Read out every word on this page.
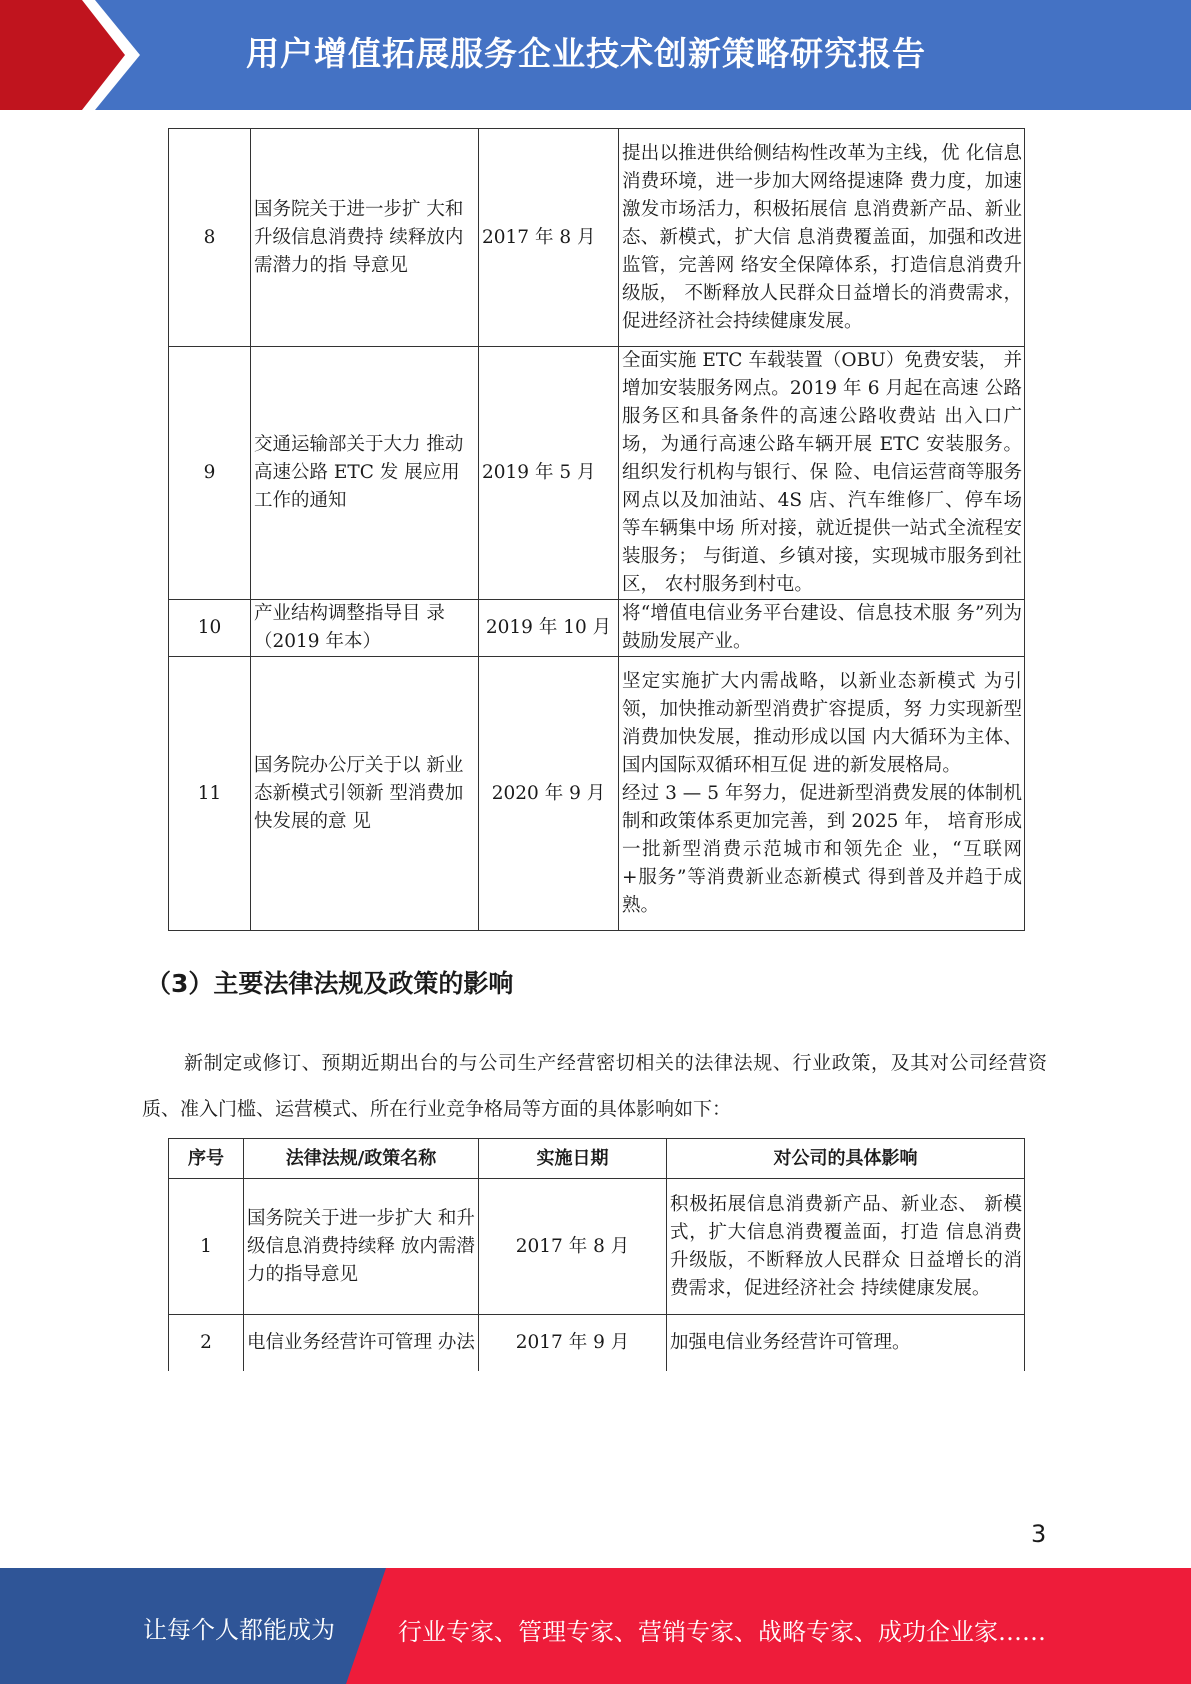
用户增值拓展服务企业技术创新策略研究报告
8	国务院关于进一步扩 大和升级信息消费持 续释放内需潜力的指 导意见	2017 年 8 月	提出以推进供给侧结构性改革为主线，优 化信息消费环境，进一步加大网络提速降 费力度，加速激发市场活力，积极拓展信 息消费新产品、新业态、新模式，扩大信 息消费覆盖面，加强和改进监管，完善网 络安全保障体系，打造信息消费升级版， 不断释放人民群众日益增长的消费需求， 促进经济社会持续健康发展。
9	交通运输部关于大力 推动高速公路 ETC 发 展应用工作的通知	2019 年 5 月	全面实施 ETC 车载装置（OBU）免费安装， 并增加安装服务网点。2019 年 6 月起在高速 公路服务区和具备条件的高速公路收费站 出入口广场，为通行高速公路车辆开展 ETC 安装服务。组织发行机构与银行、保 险、电信运营商等服务网点以及加油站、4S 店、汽车维修厂、停车场等车辆集中场 所对接，就近提供一站式全流程安装服务； 与街道、乡镇对接，实现城市服务到社区， 农村服务到村屯。
10	产业结构调整指导目 录（2019 年本）	2019 年 10 月	将“增值电信业务平台建设、信息技术服 务”列为鼓励发展产业。
11	国务院办公厅关于以 新业态新模式引领新 型消费加快发展的意 见	2020 年 9 月	坚定实施扩大内需战略，以新业态新模式 为引领，加快推动新型消费扩容提质，努 力实现新型消费加快发展，推动形成以国 内大循环为主体、国内国际双循环相互促 进的新发展格局。
经过 3 — 5 年努力，促进新型消费发展的体制机制和政策体系更加完善，到 2025 年， 培育形成一批新型消费示范城市和领先企 业，“互联网+服务”等消费新业态新模式 得到普及并趋于成熟。
（3）主要法律法规及政策的影响
新制定或修订、预期近期出台的与公司生产经营密切相关的法律法规、行业政策，及其对公司经营资质、准入门槛、运营模式、所在行业竞争格局等方面的具体影响如下：
序号	法律法规/政策名称	实施日期	对公司的具体影响
1	国务院关于进一步扩大 和升级信息消费持续释 放内需潜力的指导意见	2017 年 8 月	积极拓展信息消费新产品、新业态、 新模式，扩大信息消费覆盖面，打造 信息消费升级版，不断释放人民群众 日益增长的消费需求，促进经济社会 持续健康发展。
2	电信业务经营许可管理 办法	2017 年 9 月	加强电信业务经营许可管理。
3
让每个人都能成为	行业专家、管理专家、营销专家、战略专家、成功企业家……
